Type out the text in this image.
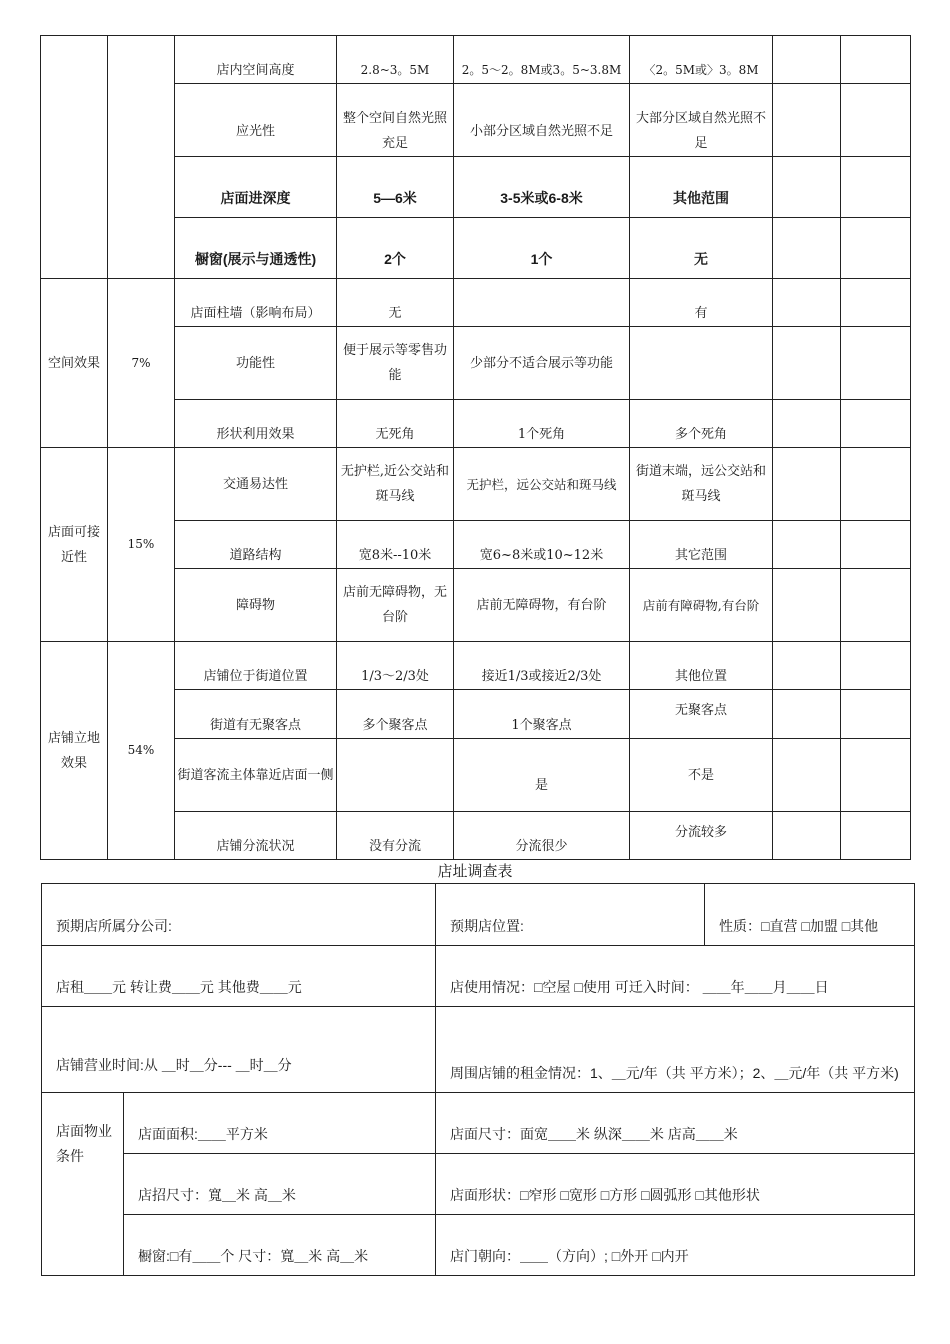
		店内空间高度	2.8~3。5M	2。5～2。8M或3。5~3.8M	〈2。5M或〉3。8M		
		应光性	整个空间自然光照充足	小部分区域自然光照不足	大部分区域自然光照不足		
		店面进深度	5—6米	3-5米或6-8米	其他范围		
		橱窗(展示与通透性)	2个	1个	无		
空间效果	7%	店面柱墙（影响布局）	无		有		
		功能性	便于展示等零售功能	少部分不适合展示等功能			
		形状利用效果	无死角	1个死角	多个死角		
店面可接近性	15%	交通易达性	无护栏,近公交站和斑马线	无护栏，远公交站和斑马线	街道末端，远公交站和斑马线		
		道路结构	宽8米--10米	宽6~8米或10~12米	其它范围		
		障碍物	店前无障碍物，无台阶	店前无障碍物，有台阶	店前有障碍物,有台阶		
店铺立地效果	54%	店铺位于街道位置	1/3～2/3处	接近1/3或接近2/3处	其他位置		
		街道有无聚客点	多个聚客点	1个聚客点	无聚客点		
		街道客流主体靠近店面一侧		是	不是		
		店铺分流状况	没有分流	分流很少	分流较多		
店址调查表
预期店所属分公司:		预期店位置:	性质：□直营 □加盟 □其他
店租＿＿元 转让费＿＿元 其他费＿＿元		店使用情况：□空屋 □使用 可迁入时间： ＿＿年＿＿月＿＿日	
店铺营业时间:从 ＿时＿分--- ＿时＿分		周围店铺的租金情况：1、＿元/年（共 平方米）；2、＿元/年（共 平方米)	
店面物业条件	店面面积:＿＿平方米	店面尺寸：面宽＿＿米 纵深＿＿米 店高＿＿米	
	店招尺寸：寬＿米 高＿米	店面形状：□窄形 □宽形 □方形 □圆弧形 □其他形状	
	橱窗:□有＿＿个 尺寸：寬＿米 高＿米	店门朝向：＿＿（方向）; □外开 □内开	
